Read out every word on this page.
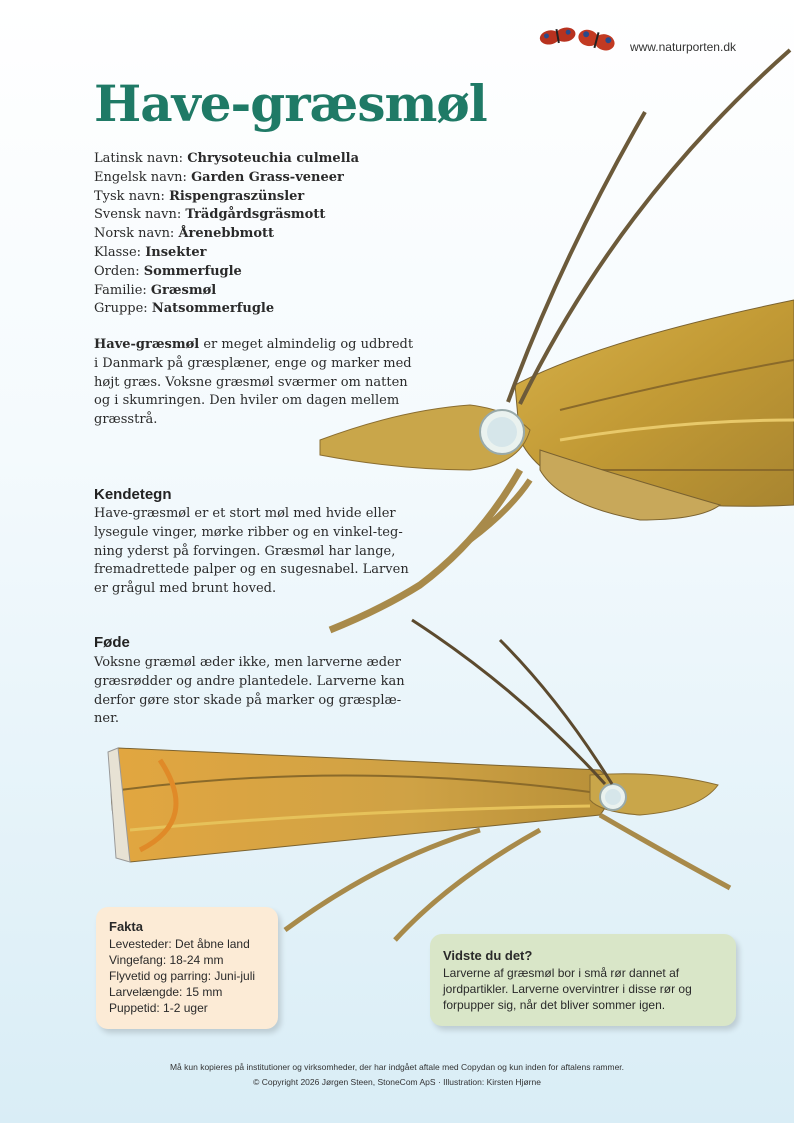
www.naturporten.dk
Have-græsmøl
Latinsk navn: Chrysoteuchia culmella
Engelsk navn: Garden Grass-veneer
Tysk navn: Rispengraszünsler
Svensk navn: Trädgårdsgräsmott
Norsk navn: Årenebbmott
Klasse: Insekter
Orden: Sommerfugle
Familie: Græsmøl
Gruppe: Natsommerfugle
Have-græsmøl er meget almindelig og udbredt
i Danmark på græsplæner, enge og marker med
højt græs. Voksne græsmøl sværmer om natten
og i skumringen. Den hviler om dagen mellem
græsstrå.
Kendetegn
Have-græsmøl er et stort møl med hvide eller
lysegule vinger, mørke ribber og en vinkel-teg-
ning yderst på forvingen. Græsmøl har lange,
fremadrettede palper og en sugesnabel. Larven
er grågul med brunt hoved.
Føde
Voksne græmøl æder ikke, men larverne æder
græsrødder og andre plantedele. Larverne kan
derfor gøre stor skade på marker og græsplæ-
ner.
Fakta
Levesteder: Det åbne land
Vingefang: 18-24 mm
Flyvetid og parring: Juni-juli
Larvelængde: 15 mm
Puppetid: 1-2 uger
Vidste du det?
Larverne af græsmøl bor i små rør dannet af
jordpartikler. Larverne overvintrer i disse rør og
forpupper sig, når det bliver sommer igen.
Må kun kopieres på institutioner og virksomheder, der har indgået aftale med Copydan og kun inden for aftalens rammer.
© Copyright 2026 Jørgen Steen, StoneCom ApS · Illustration: Kirsten Hjørne
